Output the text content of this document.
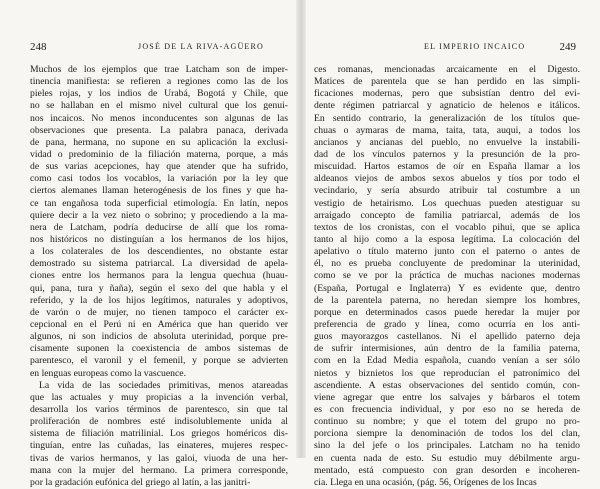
248	JOSÉ DE LA RIVA-AGÜERO
Muchos de los ejemplos que trae Latcham son de imper-
tinencia manifiesta: se refieren a regiones como las de los
pieles rojas, y los indios de Urabá, Bogotá y Chile, que
no se hallaban en el mismo nivel cultural que los genui-
nos incaicos. No menos inconducentes son algunas de las
observaciones que presenta. La palabra panaca, derivada
de pana, hermana, no supone en su aplicación la exclusi-
vidad o predominio de la filiación materna, porque, a más
de sus varias acepciones, hay que atender que ha sufrido,
como casi todos los vocablos, la variación por la ley que
ciertos alemanes llaman heterogénesis de los fines y que ha-
ce tan engañosa toda superficial etimología. En latín, nepos
quiere decir a la vez nieto o sobrino; y procediendo a la ma-
nera de Latcham, podría deducirse de allí que los roma-
nos históricos no distinguían a los hermanos de los hijos,
a los colaterales de los descendientes, no obstante estar
demostrado su sistema patriarcal. La diversidad de apela-
ciones entre los hermanos para la lengua quechua (huau-
qui, pana, tura y ñaña), según el sexo del que habla y el
referido, y la de los hijos legítimos, naturales y adoptivos,
de varón o de mujer, no tienen tampoco el carácter ex-
cepcional en el Perú ni en América que han querido ver
algunos, ni son indicios de absoluta uterinidad, porque pre-
cisamente suponen la coexistencia de ambos sistemas de
parentesco, el varonil y el femenil, y porque se advierten
en lenguas europeas como la vascuence.
La vida de las sociedades primitivas, menos atareadas
que las actuales y muy propicias a la invención verbal,
desarrolla los varios términos de parentesco, sin que tal
proliferación de nombres esté indisolublemente unida al
sistema de filiación matrilinial. Los griegos homéricos dis-
tinguían, entre las cuñadas, las einateres, mujeres respec-
tivas de varios hermanos, y las galoi, viuoda de una her-
mana con la mujer del hermano. La primera corresponde,
por la gradación eufónica del griego al latín, a las janitri-
EL IMPERIO INCAICO	249
ces romanas, mencionadas arcaicamente en el Digesto.
Matices de parentela que se han perdido en las simpli-
ficaciones modernas, pero que subsistían dentro del evi-
dente régimen patriarcal y agnaticio de helenos e itálicos.
En sentido contrario, la generalización de los títulos que-
chuas o aymaras de mama, taita, tata, auqui, a todos los
ancianos y ancianas del pueblo, no envuelve la instabili-
dad de los vínculos paternos y la presunción de la pro-
miscuidad. Hartos estamos de oír en España llamar a los
aldeanos viejos de ambos sexos abuelos y tíos por todo el
vecindario, y sería absurdo atribuir tal costumbre a un
vestigio de hetairismo. Los quechuas pueden atestiguar su
arraigado concepto de familia patriarcal, además de los
textos de los cronistas, con el vocablo pihui, que se aplica
tanto al hijo como a la esposa legítima. La colocación del
apelativo o título materno junto con el paterno o antes de
él, no es prueba concluyente de predominar la uterinidad,
como se ve por la práctica de muchas naciones modernas
(España, Portugal e Inglaterra) Y es evidente que, dentro
de la parentela paterna, no heredan siempre los hombres,
porque en determinados casos puede heredar la mujer por
preferencia de grado y línea, como ocurría en los anti-
guos mayorazgos castellanos. Ni el apellido paterno deja
de sufrir intermisiones, aún dentro de la familia paterna,
com en la Edad Media española, cuando venían a ser sólo
nietos y biznietos los que reproducían el patronímico del
ascendiente. A estas observaciones del sentido común, con-
viene agregar que entre los salvajes y bárbaros el totem
es con frecuencia individual, y por eso no se hereda de
continuo su nombre; y que el totem del grupo no pro-
porciona siempre la denominación de todos los del clan,
sino la del jefe o los principales. Latcham no ha tenido
en cuenta nada de esto. Su estudio muy débilmente argu-
mentado, está compuesto con gran desorden e incoheren-
cia. Llega en una ocasión, (pág. 56, Orígenes de los Incas
